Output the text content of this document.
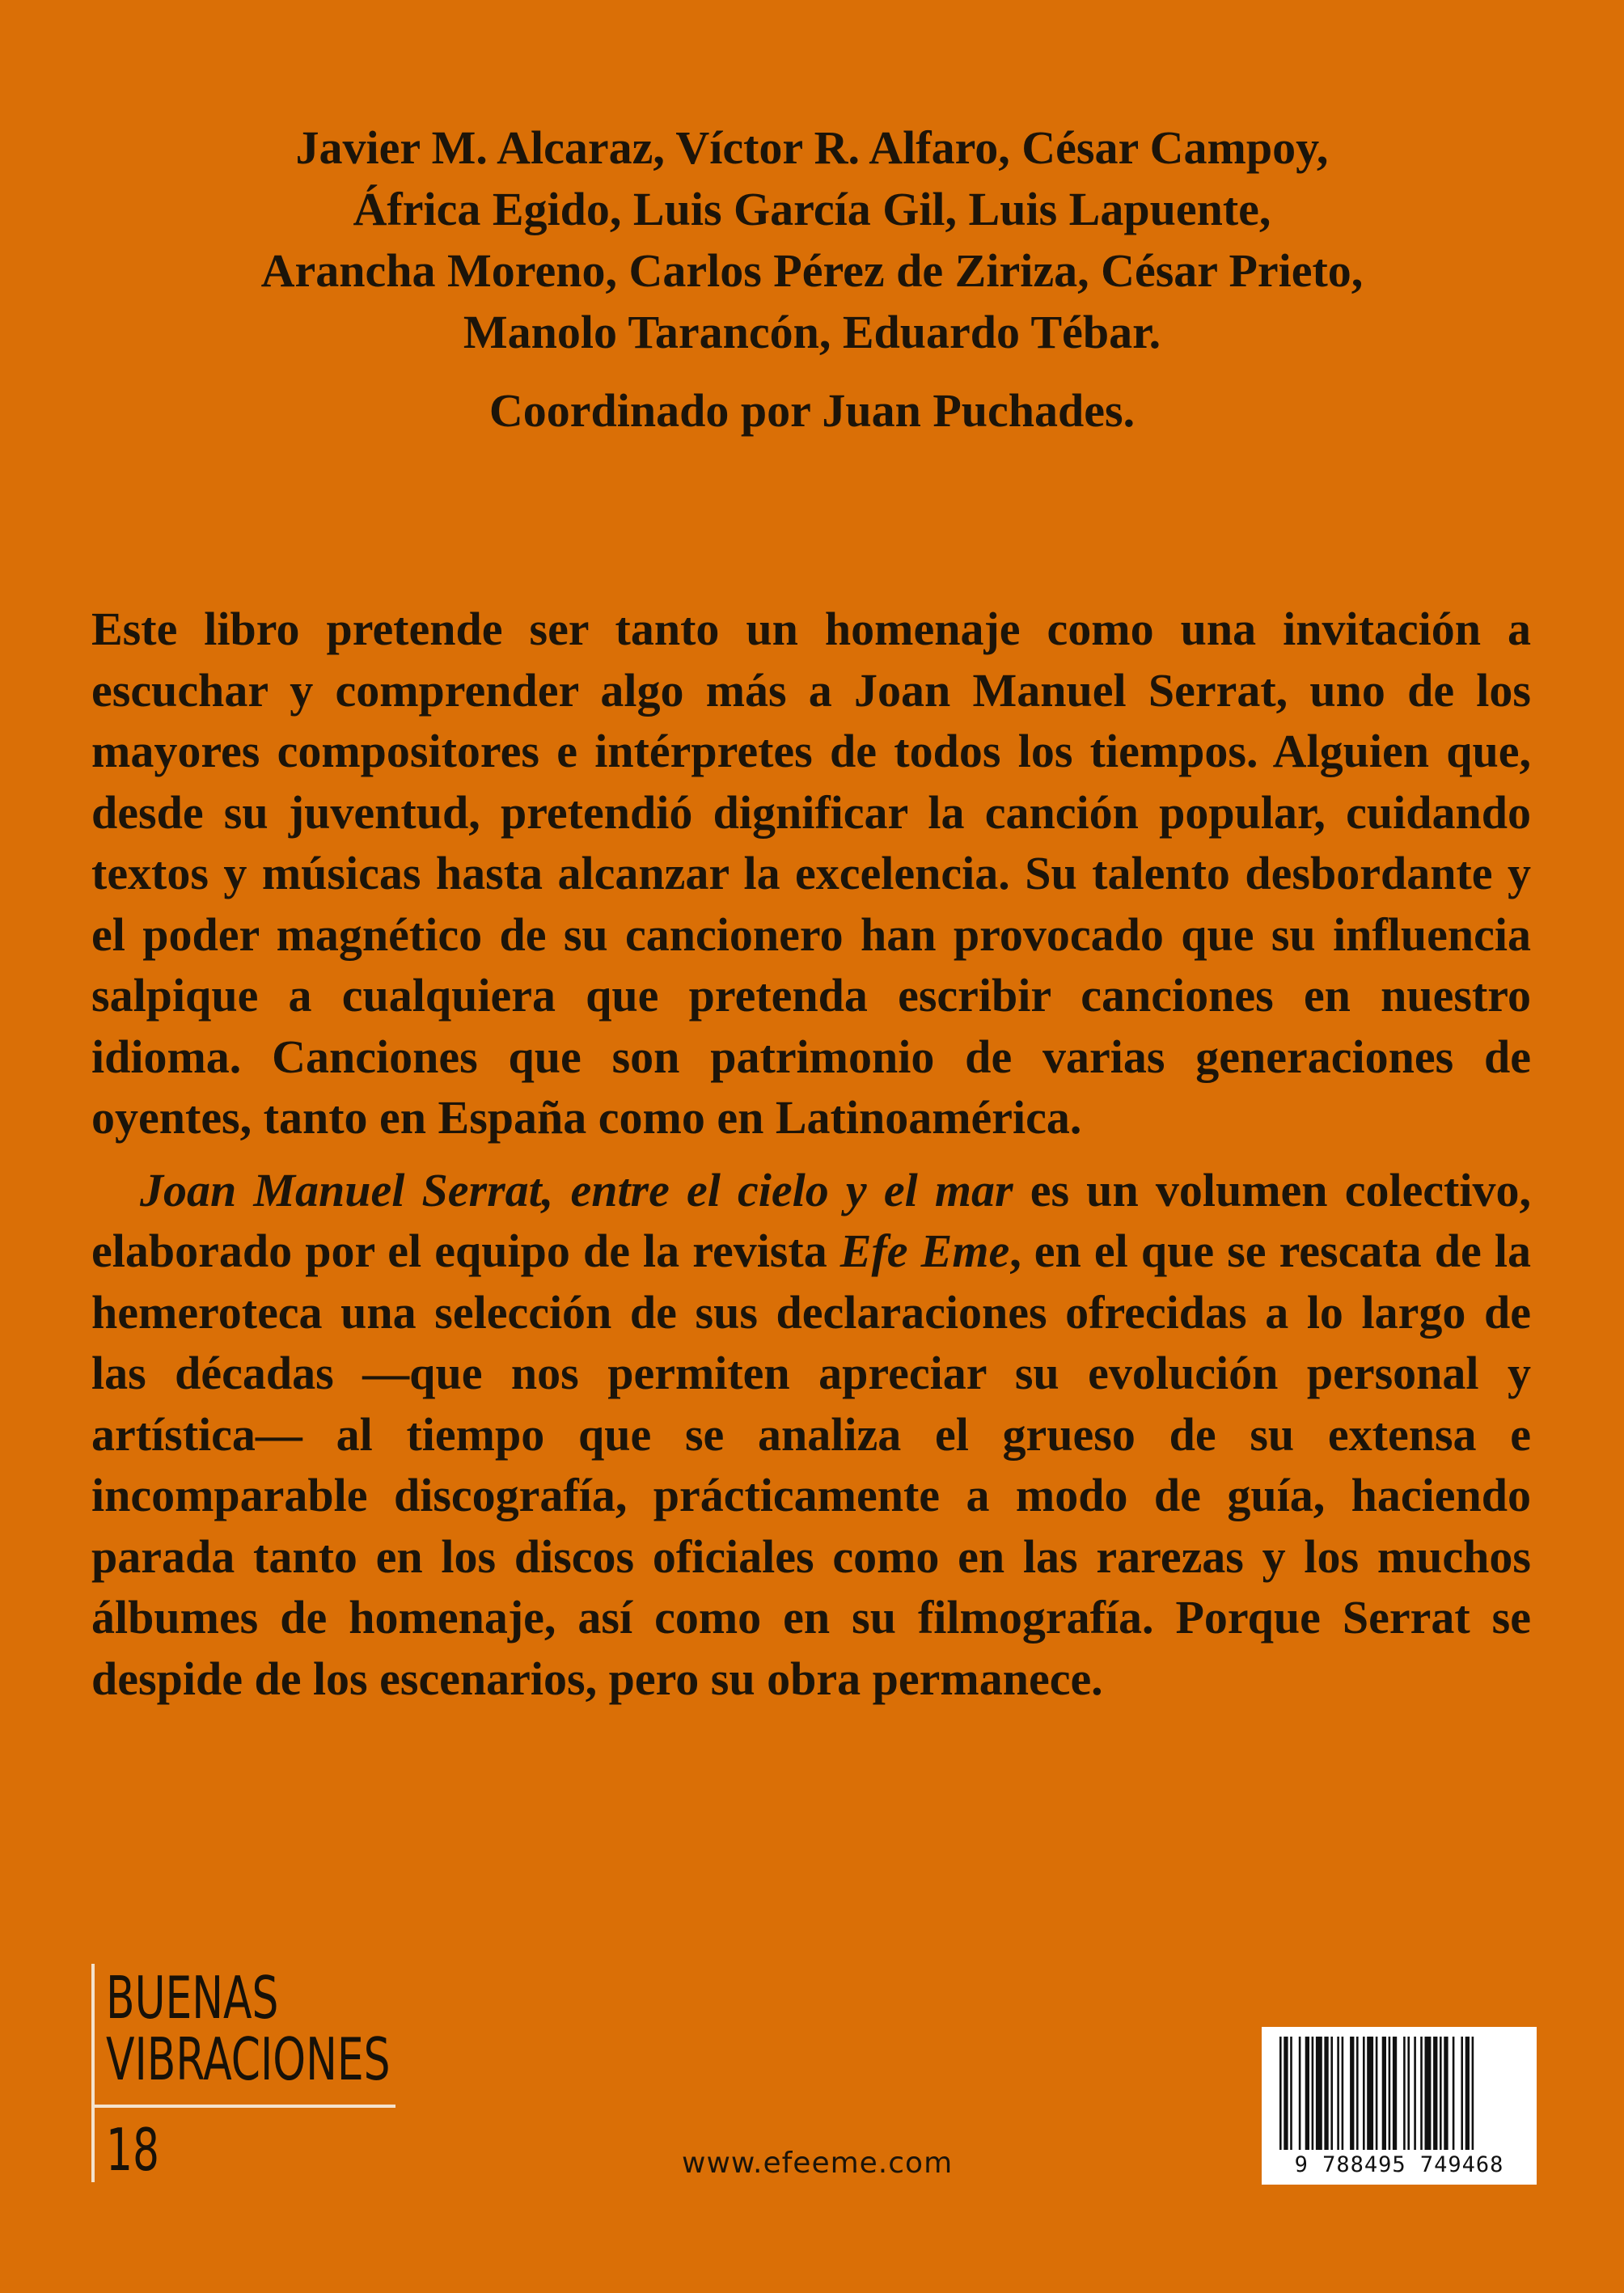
Javier M. Alcaraz, Víctor R. Alfaro, César Campoy,
África Egido, Luis García Gil, Luis Lapuente,
Arancha Moreno, Carlos Pérez de Ziriza, César Prieto,
Manolo Tarancón, Eduardo Tébar.
Coordinado por Juan Puchades.

Este libro pretende ser tanto un homenaje como una invitación a escuchar y comprender algo más a Joan Manuel Serrat, uno de los mayores compositores e intérpretes de todos los tiempos. Alguien que, desde su juventud, pretendió dignificar la canción popular, cuidando textos y músicas hasta alcanzar la excelencia. Su talento desbordante y el poder magnético de su cancionero han provocado que su influencia salpique a cualquiera que pretenda escribir canciones en nuestro idioma. Canciones que son patrimonio de varias generaciones de oyentes, tanto en España como en Latinoamérica.

Joan Manuel Serrat, entre el cielo y el mar es un volumen colectivo, elaborado por el equipo de la revista Efe Eme, en el que se rescata de la hemeroteca una selección de sus declaraciones ofrecidas a lo largo de las décadas —que nos permiten apreciar su evolución personal y artística— al tiempo que se analiza el grueso de su extensa e incomparable discografía, prácticamente a modo de guía, haciendo parada tanto en los discos oficiales como en las rarezas y los muchos álbumes de homenaje, así como en su filmografía. Porque Serrat se despide de los escenarios, pero su obra permanece.

BUENAS
VIBRACIONES
18	www.efeeme.com	9 788495 749468
